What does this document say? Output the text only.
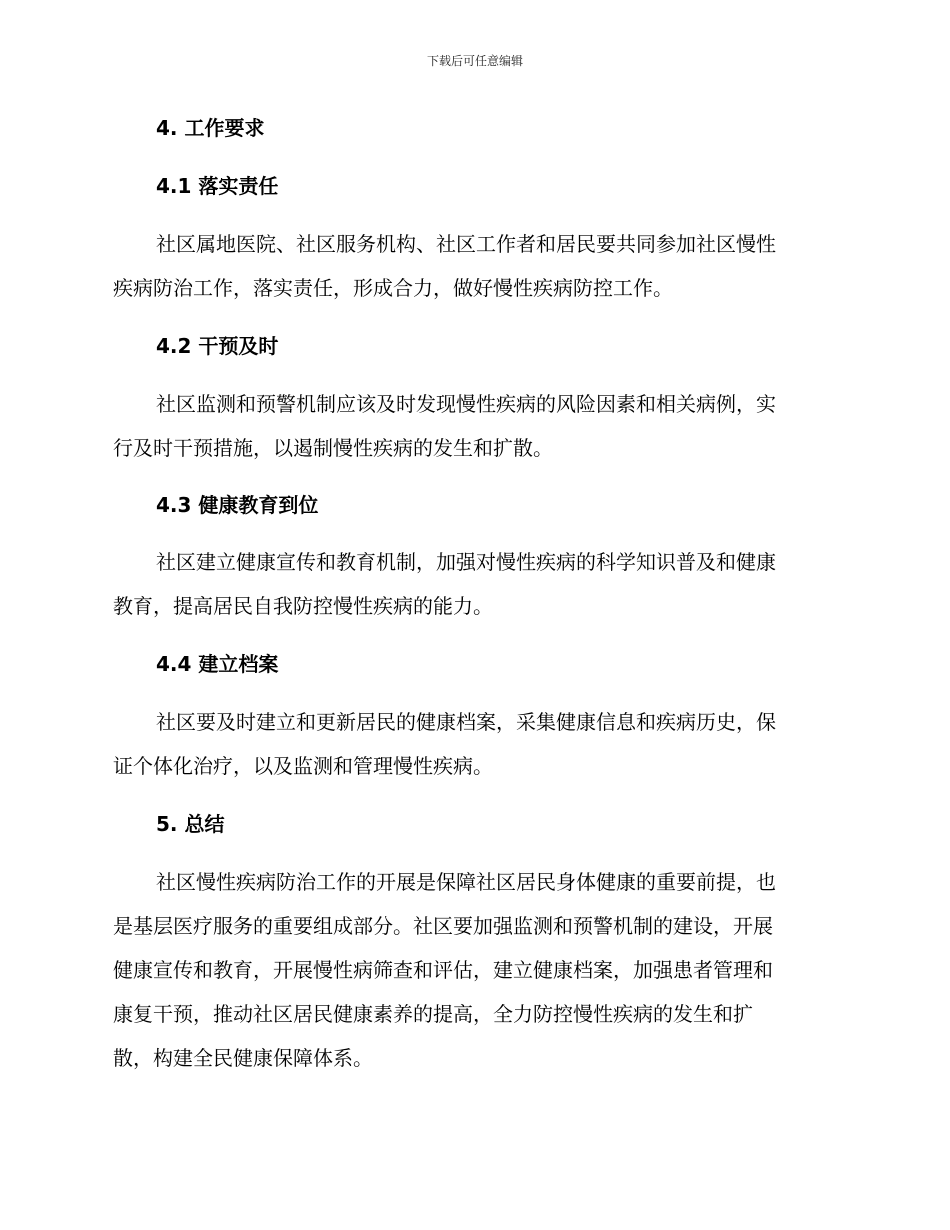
下载后可任意编辑
4. 工作要求
4.1 落实责任
社区属地医院、社区服务机构、社区工作者和居民要共同参加社区慢性
疾病防治工作，落实责任，形成合力，做好慢性疾病防控工作。
4.2 干预及时
社区监测和预警机制应该及时发现慢性疾病的风险因素和相关病例，实
行及时干预措施，以遏制慢性疾病的发生和扩散。
4.3 健康教育到位
社区建立健康宣传和教育机制，加强对慢性疾病的科学知识普及和健康
教育，提高居民自我防控慢性疾病的能力。
4.4 建立档案
社区要及时建立和更新居民的健康档案，采集健康信息和疾病历史，保
证个体化治疗，以及监测和管理慢性疾病。
5. 总结
社区慢性疾病防治工作的开展是保障社区居民身体健康的重要前提，也
是基层医疗服务的重要组成部分。社区要加强监测和预警机制的建设，开展
健康宣传和教育，开展慢性病筛查和评估，建立健康档案，加强患者管理和
康复干预，推动社区居民健康素养的提高，全力防控慢性疾病的发生和扩
散，构建全民健康保障体系。
